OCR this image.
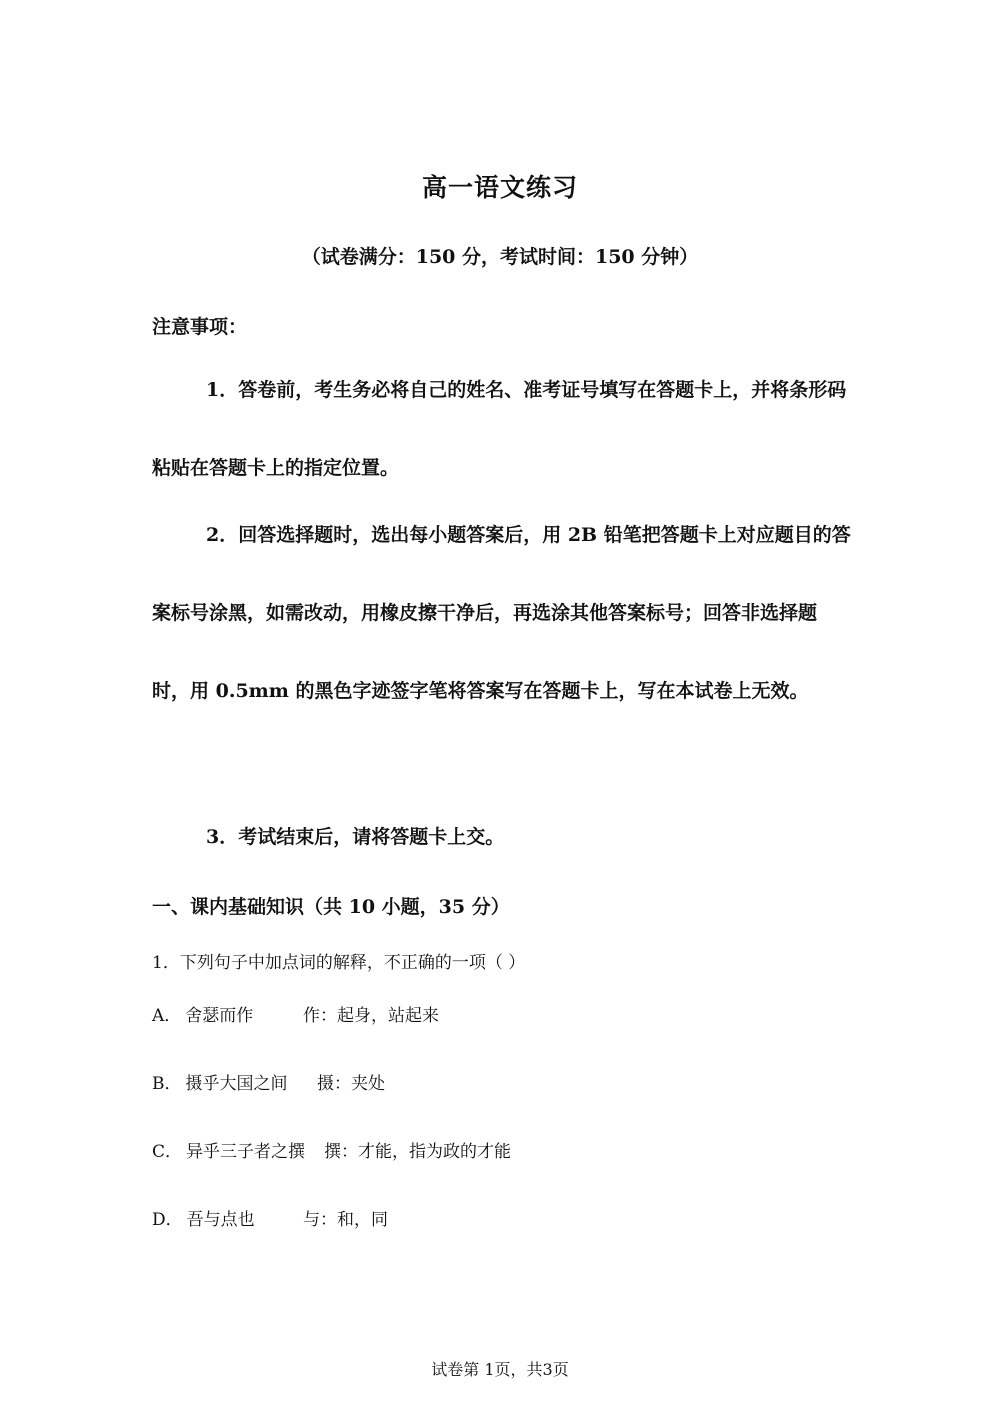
高一语文练习
（试卷满分：150 分，考试时间：150 分钟）
注意事项：
1．答卷前，考生务必将自己的姓名、准考证号填写在答题卡上，并将条形码粘贴在答题卡上的指定位置。
2．回答选择题时，选出每小题答案后，用 2B 铅笔把答题卡上对应题目的答案标号涂黑，如需改动，用橡皮擦干净后，再选涂其他答案标号；回答非选择题时，用 0.5mm 的黑色字迹签字笔将答案写在答题卡上，写在本试卷上无效。
3．考试结束后，请将答题卡上交。
一、课内基础知识（共 10 小题，35 分）
1．下列句子中加点词的解释，不正确的一项（ ）
A． 舍瑟而作	作：起身，站起来
B． 摄乎大国之间 摄：夹处
C． 异乎三子者之撰 撰：才能，指为政的才能
D． 吾与点也	与：和，同
试卷第 1页，共3页
